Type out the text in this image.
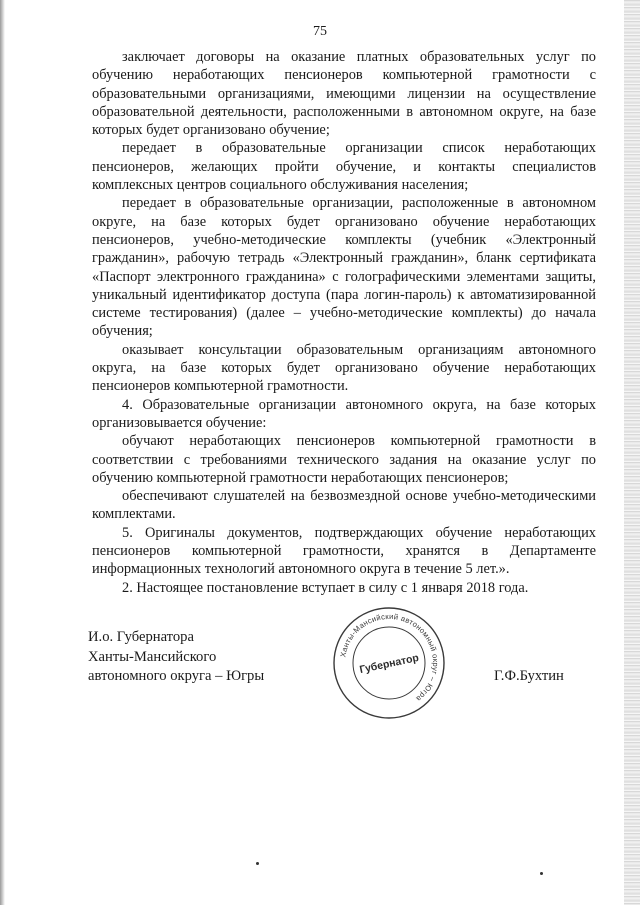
75

заключает договоры на оказание платных образовательных услуг по обучению неработающих пенсионеров компьютерной грамотности с образовательными организациями, имеющими лицензии на осуществление образовательной деятельности, расположенными в автономном округе, на базе которых будет организовано обучение;

передает в образовательные организации список неработающих пенсионеров, желающих пройти обучение, и контакты специалистов комплексных центров социального обслуживания населения;

передает в образовательные организации, расположенные в автономном округе, на базе которых будет организовано обучение неработающих пенсионеров, учебно-методические комплекты (учебник «Электронный гражданин», рабочую тетрадь «Электронный гражданин», бланк сертификата «Паспорт электронного гражданина» с голографическими элементами защиты, уникальный идентификатор доступа (пара логин-пароль) к автоматизированной системе тестирования) (далее – учебно-методические комплекты) до начала обучения;

оказывает консультации образовательным организациям автономного округа, на базе которых будет организовано обучение неработающих пенсионеров компьютерной грамотности.

4. Образовательные организации автономного округа, на базе которых организовывается обучение:

обучают неработающих пенсионеров компьютерной грамотности в соответствии с требованиями технического задания на оказание услуг по обучению компьютерной грамотности неработающих пенсионеров;

обеспечивают слушателей на безвозмездной основе учебно-методическими комплектами.

5. Оригиналы документов, подтверждающих обучение неработающих пенсионеров компьютерной грамотности, хранятся в Департаменте информационных технологий автономного округа в течение 5 лет.».

2. Настоящее постановление вступает в силу с 1 января 2018 года.

И.о. Губернатора
Ханты-Мансийского
автономного округа – Югры
Ханты-Мансийский автономный округ – Югра
Губернатор	Г.Ф.Бухтин
